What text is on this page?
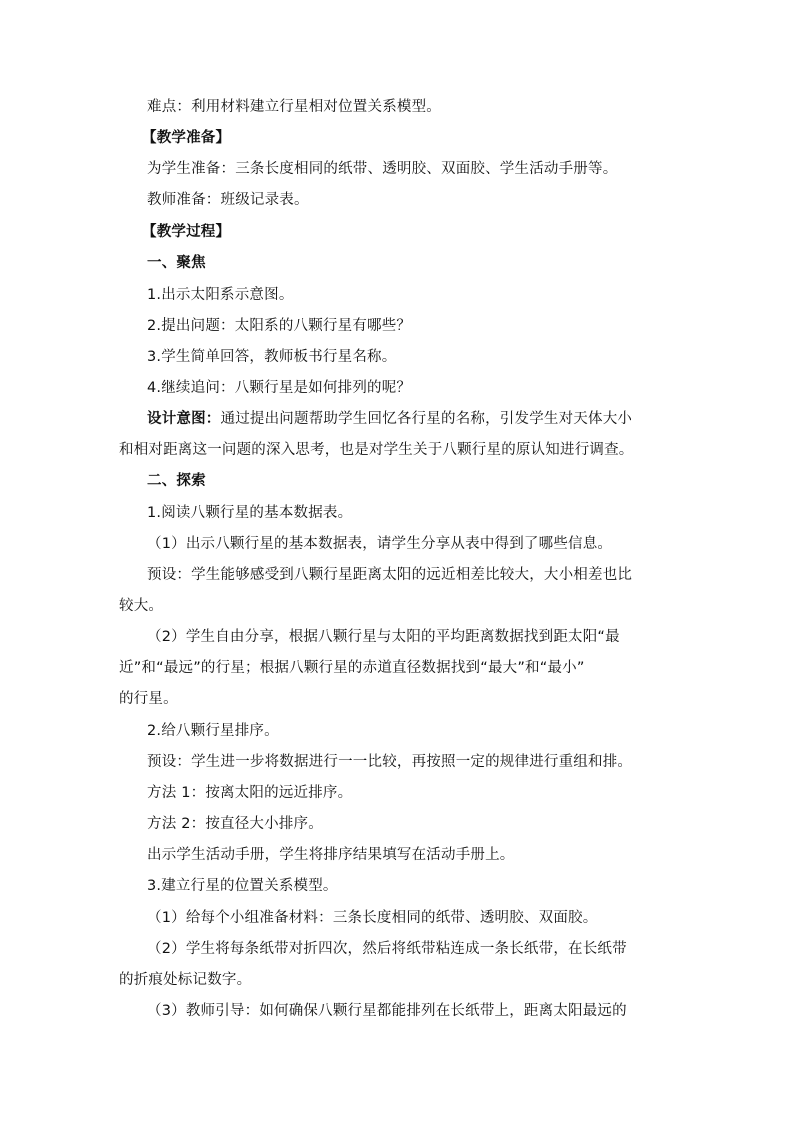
难点：利用材料建立行星相对位置关系模型。
【教学准备】
为学生准备：三条长度相同的纸带、透明胶、双面胶、学生活动手册等。
教师准备：班级记录表。
【教学过程】
一、聚焦
1.出示太阳系示意图。
2.提出问题：太阳系的八颗行星有哪些？
3.学生简单回答，教师板书行星名称。
4.继续追问：八颗行星是如何排列的呢？
设计意图：通过提出问题帮助学生回忆各行星的名称，引发学生对天体大小
和相对距离这一问题的深入思考，也是对学生关于八颗行星的原认知进行调查。
二、探索
1.阅读八颗行星的基本数据表。
（1）出示八颗行星的基本数据表，请学生分享从表中得到了哪些信息。
预设：学生能够感受到八颗行星距离太阳的远近相差比较大，大小相差也比
较大。
（2）学生自由分享，根据八颗行星与太阳的平均距离数据找到距太阳“最
近”和“最远”的行星；根据八颗行星的赤道直径数据找到“最大”和“最小”
的行星。
2.给八颗行星排序。
预设：学生进一步将数据进行一一比较，再按照一定的规律进行重组和排。
方法 1：按离太阳的远近排序。
方法 2：按直径大小排序。
出示学生活动手册，学生将排序结果填写在活动手册上。
3.建立行星的位置关系模型。
（1）给每个小组准备材料：三条长度相同的纸带、透明胶、双面胶。
（2）学生将每条纸带对折四次，然后将纸带粘连成一条长纸带，在长纸带
的折痕处标记数字。
（3）教师引导：如何确保八颗行星都能排列在长纸带上，距离太阳最远的
